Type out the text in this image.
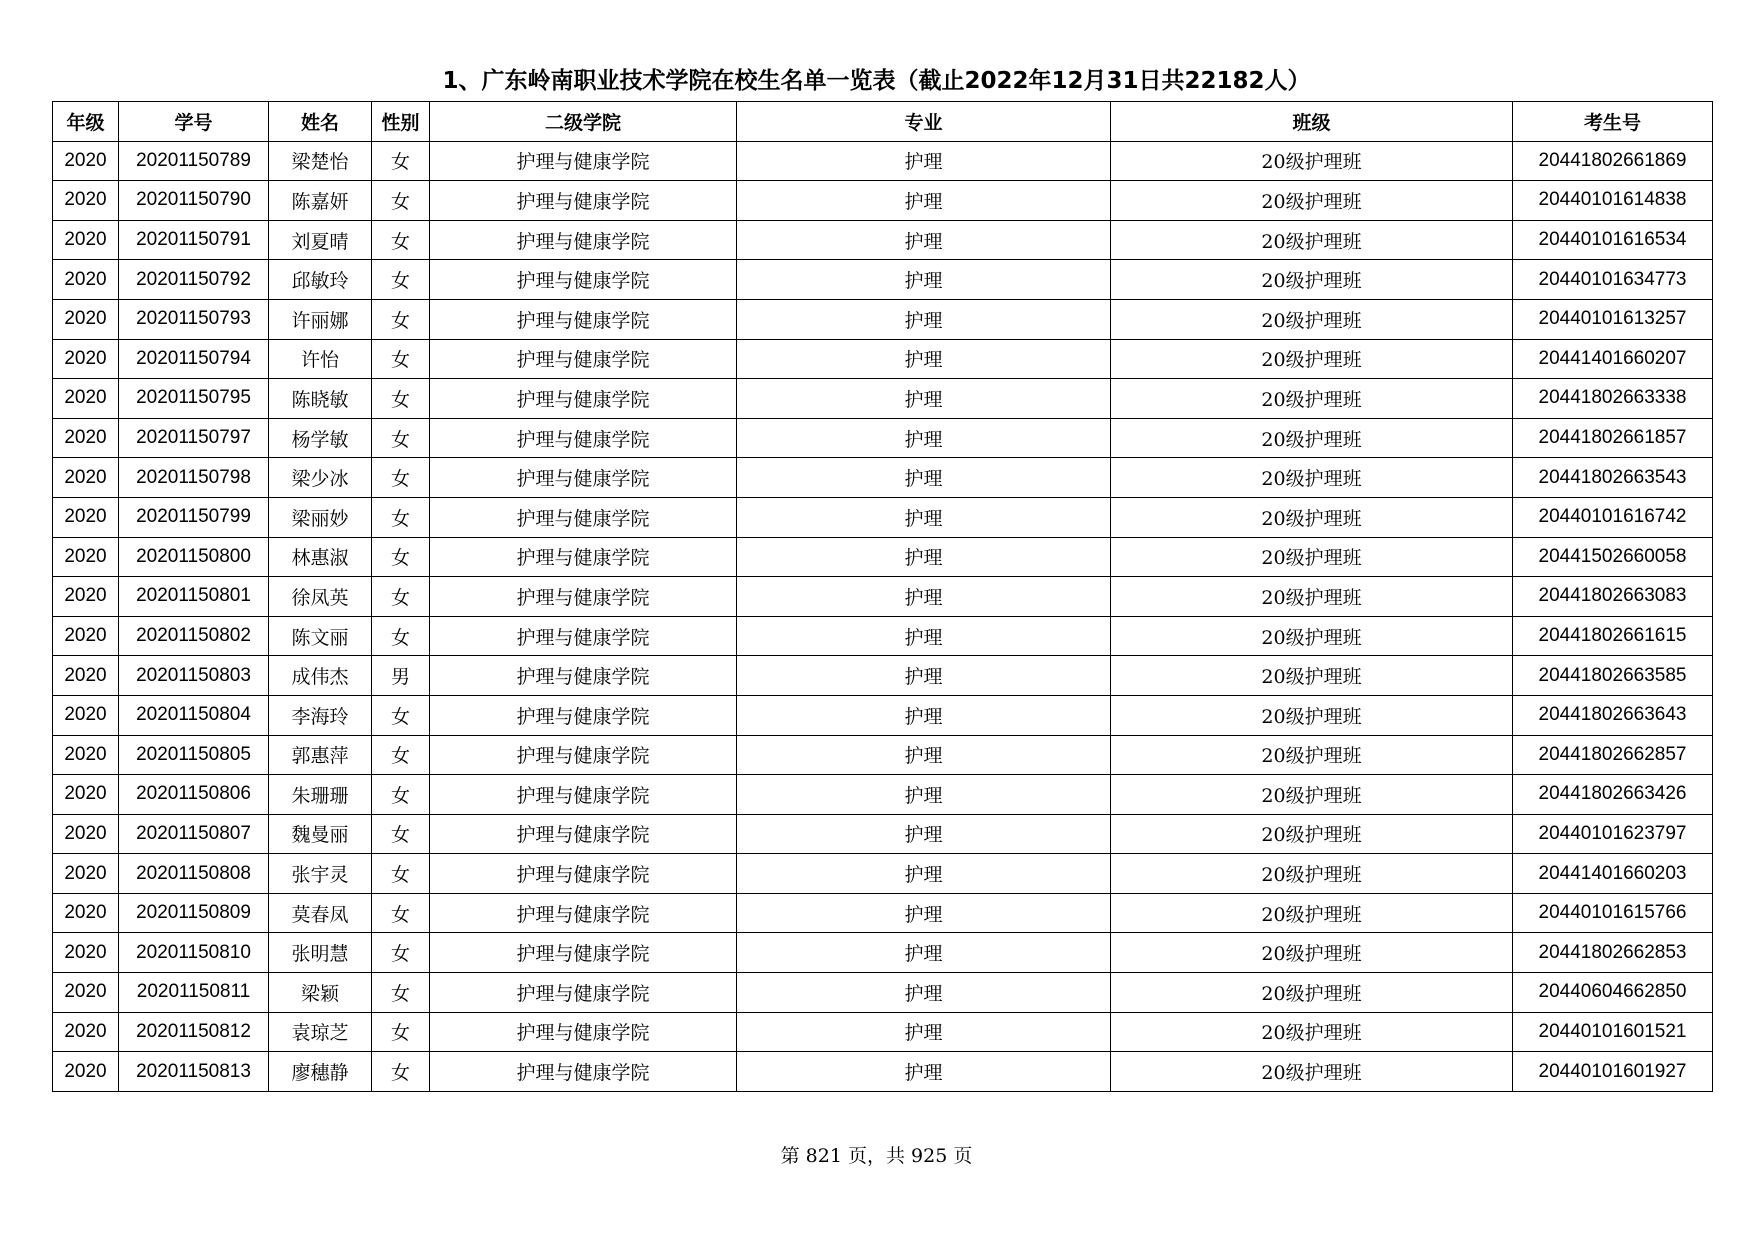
1、广东岭南职业技术学院在校生名单一览表（截止2022年12月31日共22182人）
年级	学号	姓名	性别	二级学院	专业	班级	考生号
2020	20201150789	梁楚怡	女	护理与健康学院	护理	20级护理班	20441802661869
2020	20201150790	陈嘉妍	女	护理与健康学院	护理	20级护理班	20440101614838
2020	20201150791	刘夏晴	女	护理与健康学院	护理	20级护理班	20440101616534
2020	20201150792	邱敏玲	女	护理与健康学院	护理	20级护理班	20440101634773
2020	20201150793	许丽娜	女	护理与健康学院	护理	20级护理班	20440101613257
2020	20201150794	许怡	女	护理与健康学院	护理	20级护理班	20441401660207
2020	20201150795	陈晓敏	女	护理与健康学院	护理	20级护理班	20441802663338
2020	20201150797	杨学敏	女	护理与健康学院	护理	20级护理班	20441802661857
2020	20201150798	梁少冰	女	护理与健康学院	护理	20级护理班	20441802663543
2020	20201150799	梁丽妙	女	护理与健康学院	护理	20级护理班	20440101616742
2020	20201150800	林惠淑	女	护理与健康学院	护理	20级护理班	20441502660058
2020	20201150801	徐凤英	女	护理与健康学院	护理	20级护理班	20441802663083
2020	20201150802	陈文丽	女	护理与健康学院	护理	20级护理班	20441802661615
2020	20201150803	成伟杰	男	护理与健康学院	护理	20级护理班	20441802663585
2020	20201150804	李海玲	女	护理与健康学院	护理	20级护理班	20441802663643
2020	20201150805	郭惠萍	女	护理与健康学院	护理	20级护理班	20441802662857
2020	20201150806	朱珊珊	女	护理与健康学院	护理	20级护理班	20441802663426
2020	20201150807	魏曼丽	女	护理与健康学院	护理	20级护理班	20440101623797
2020	20201150808	张宇灵	女	护理与健康学院	护理	20级护理班	20441401660203
2020	20201150809	莫春凤	女	护理与健康学院	护理	20级护理班	20440101615766
2020	20201150810	张明慧	女	护理与健康学院	护理	20级护理班	20441802662853
2020	20201150811	梁颖	女	护理与健康学院	护理	20级护理班	20440604662850
2020	20201150812	袁琼芝	女	护理与健康学院	护理	20级护理班	20440101601521
2020	20201150813	廖穗静	女	护理与健康学院	护理	20级护理班	20440101601927
第 821 页，共 925 页
